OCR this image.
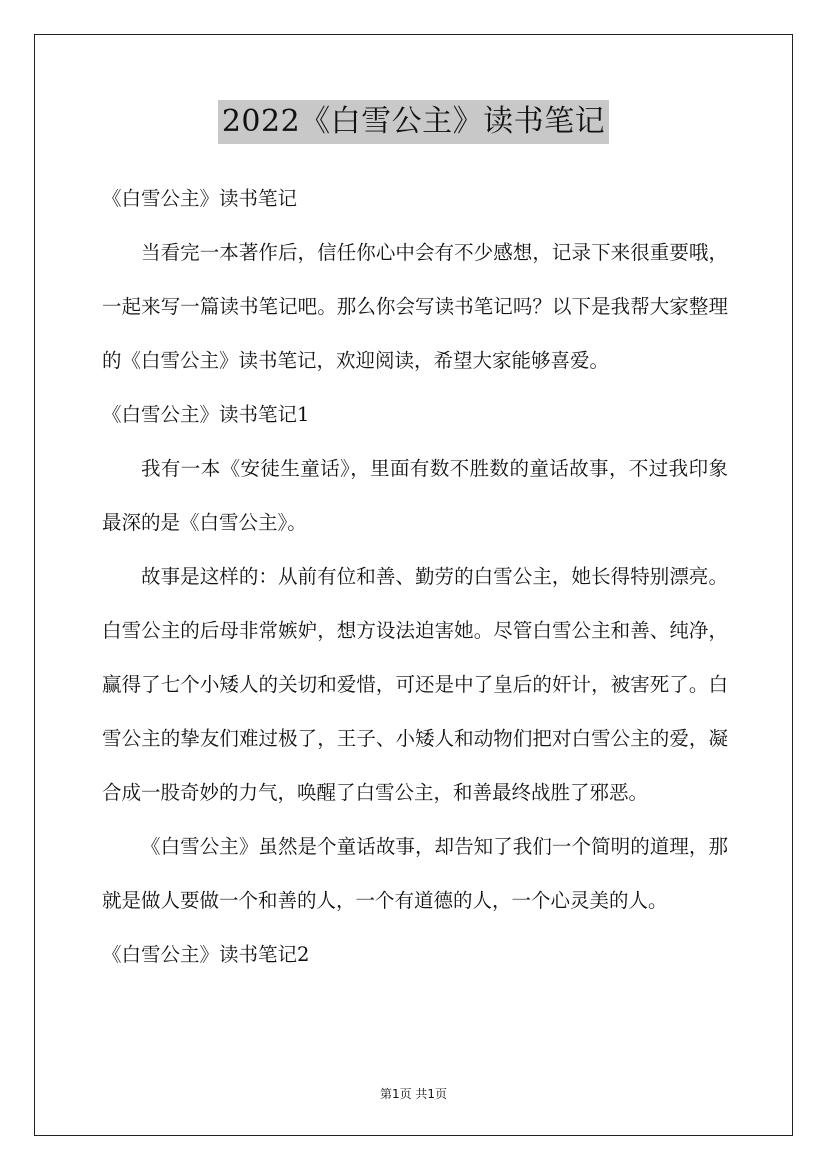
2022《白雪公主》读书笔记
《白雪公主》读书笔记
当看完一本著作后，信任你心中会有不少感想，记录下来很重要哦，一起来写一篇读书笔记吧。那么你会写读书笔记吗？以下是我帮大家整理的《白雪公主》读书笔记，欢迎阅读，希望大家能够喜爱。
《白雪公主》读书笔记1
我有一本《安徒生童话》，里面有数不胜数的童话故事，不过我印象最深的是《白雪公主》。
故事是这样的：从前有位和善、勤劳的白雪公主，她长得特别漂亮。白雪公主的后母非常嫉妒，想方设法迫害她。尽管白雪公主和善、纯净，赢得了七个小矮人的关切和爱惜，可还是中了皇后的奸计，被害死了。白雪公主的挚友们难过极了，王子、小矮人和动物们把对白雪公主的爱，凝合成一股奇妙的力气，唤醒了白雪公主，和善最终战胜了邪恶。
《白雪公主》虽然是个童话故事，却告知了我们一个简明的道理，那就是做人要做一个和善的人，一个有道德的人，一个心灵美的人。
《白雪公主》读书笔记2
第1页 共1页
